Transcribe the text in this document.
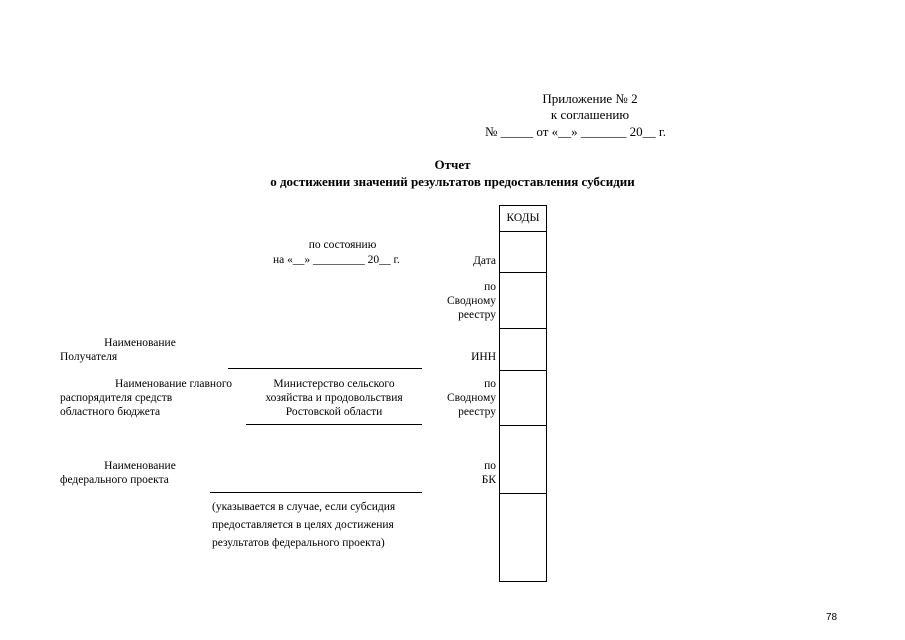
Приложение № 2
к соглашению
№ _____ от «__» _______ 20__ г.
Отчет
о достижении значений результатов предоставления субсидии
КОДЫ
по состоянию
на «__» _________ 20__ г.	Дата
по
Сводному
реестру
ИНН
по
Сводному
реестру
по
БК
Наименование
Получателя
Наименование главного
распорядителя средств
областного бюджета
Министерство сельского
хозяйства и продовольствия
Ростовской области
Наименование
федерального проекта
(указывается в случае, если субсидия
предоставляется в целях достижения
результатов федерального проекта)
78
